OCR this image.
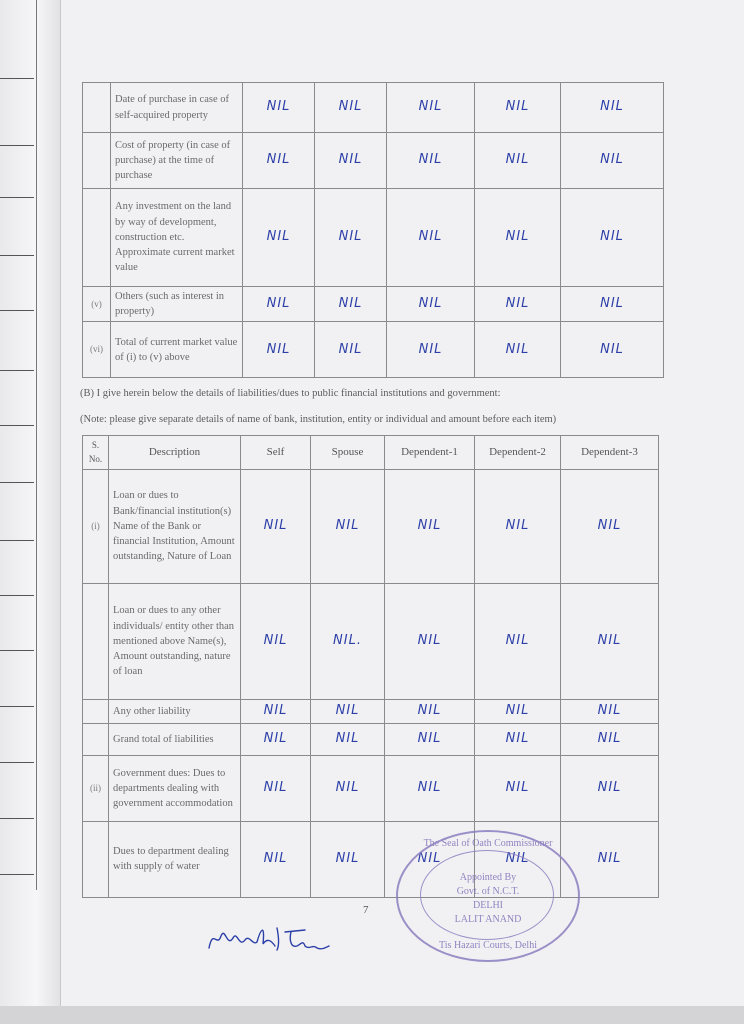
	Date of purchase in case of self-acquired property	NIL	NIL	NIL	NIL	NIL
	Cost of property (in case of purchase) at the time of purchase	NIL	NIL	NIL	NIL	NIL
	Any investment on the land by way of development, construction etc. Approximate current market value	NIL	NIL	NIL	NIL	NIL
(v)	Others (such as interest in property)	NIL	NIL	NIL	NIL	NIL
(vi)	Total of current market value of (i) to (v) above	NIL	NIL	NIL	NIL	NIL
(B) I give herein below the details of liabilities/dues to public financial institutions and government:
(Note: please give separate details of name of bank, institution, entity or individual and amount before each item)
S. No.	Description	Self	Spouse	Dependent-1	Dependent-2	Dependent-3
(i)	Loan or dues to Bank/financial institution(s) Name of the Bank or financial Institution, Amount outstanding, Nature of Loan	NIL	NIL	NIL	NIL	NIL
	Loan or dues to any other individuals/ entity other than mentioned above Name(s), Amount outstanding, nature of loan	NIL	NIL.	NIL	NIL	NIL
	Any other liability	NIL	NIL	NIL	NIL	NIL
	Grand total of liabilities	NIL	NIL	NIL	NIL	NIL
(ii)	Government dues: Dues to departments dealing with government accommodation	NIL	NIL	NIL	NIL	NIL
	Dues to department dealing with supply of water	NIL	NIL	NIL	NIL	NIL
7
The Seal of Oath Commissioner
Appointed By
Govt. of N.C.T.
DELHI
LALIT ANAND
Tis Hazari Courts, Delhi
